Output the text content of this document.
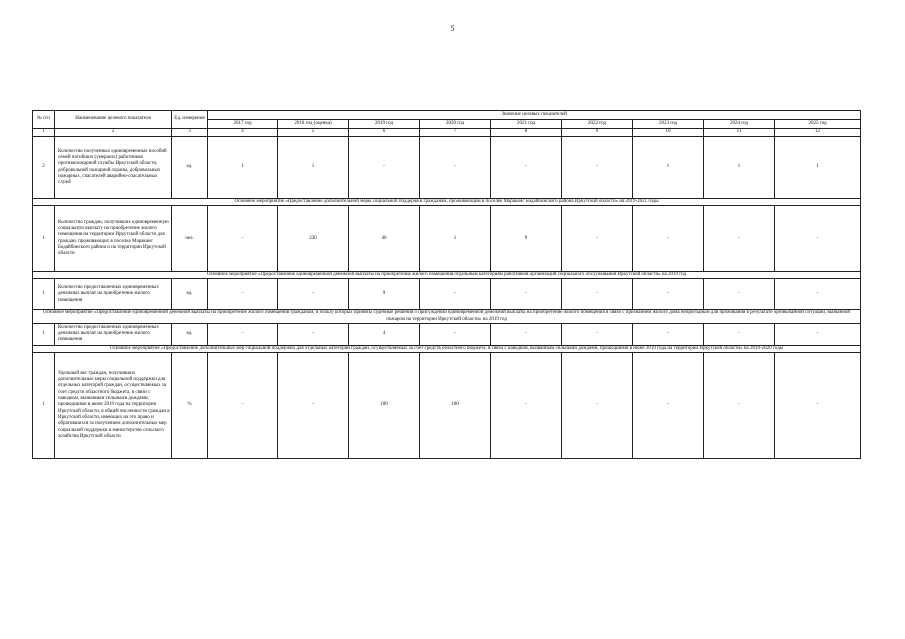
5
№ п/п	Наименование целевого показателя	Ед. измерения	Значение целевых показателей								
			2017 год	2018 год (оценка)	2019 год	2020 год	2021 год	2022 год	2023 год	2024 год	2025 год
1	2	3	4	5	6	7	8	9	10	11	12
2	Количество полученных единовременных пособий семей погибших (умерших) работников противопожарной службы Иркутской области, добровольной пожарной охраны, добровольных пожарных, спасателей аварийно-спасательных служб	ед.	1	1	-	-	-	-	1	1	1
Основное мероприятие «Предоставление дополнительной меры социальной поддержки гражданам, проживающим в поселке Мараканс Бодайбинского района Иркутской области» на 2019-2021 годы											
1	Количество граждан, получивших единовременную социальную выплату на приобретение жилого помещения на территории Иркутской области для граждан, проживающих в поселке Мараканс Бодайбинского района и на территории Иркутской области	чел.	-	230	40	1	9	-	-	-	-
Основное мероприятие «Предоставление единовременной денежной выплаты на приобретение жилого помещения отдельным категориям работников организаций социального обслуживания Иркутской области» на 2019 год											
1	Количество предоставленных единовременных денежных выплат на приобретение жилого помещения	ед.	-	-	9	-	-	-	-	-	-
Основное мероприятие «Предоставление единовременной денежной выплаты на приобретение жилого помещения гражданам, в пользу которых приняты судебные решения о присуждении единовременной денежной выплаты на приобретение жилого помещения в связи с признанием жилого дома непригодным для проживания в результате чрезвычайной ситуации, вызванной пожаром на территории Иркутской области» на 2019 год											
1	Количество предоставленных единовременных денежных выплат на приобретение жилого помещения	ед.	-	-	4	-	-	-	-	-	-
Основное мероприятие «Предоставление дополнительных мер социальной поддержки для отдельных категорий граждан, осуществляемых за счет средств областного бюджета, в связи с паводком, вызванным сильными дождями, прошедшими в июне 2019 года на территории Иркутской области» на 2019-2020 годы											
1	Удельный вес граждан, получивших дополнительные меры социальной поддержки для отдельных категорий граждан, осуществляемых за счет средств областного бюджета, в связи с паводком, вызванным сильными дождями, прошедшими в июне 2019 года на территории Иркутской области, в общей численности граждан в Иркутской области, имеющих на это право и обратившихся за получением дополнительных мер социальной поддержки в министерство сельского хозяйства Иркутской области	%	-	-	100	100	-	-	-	-	-
